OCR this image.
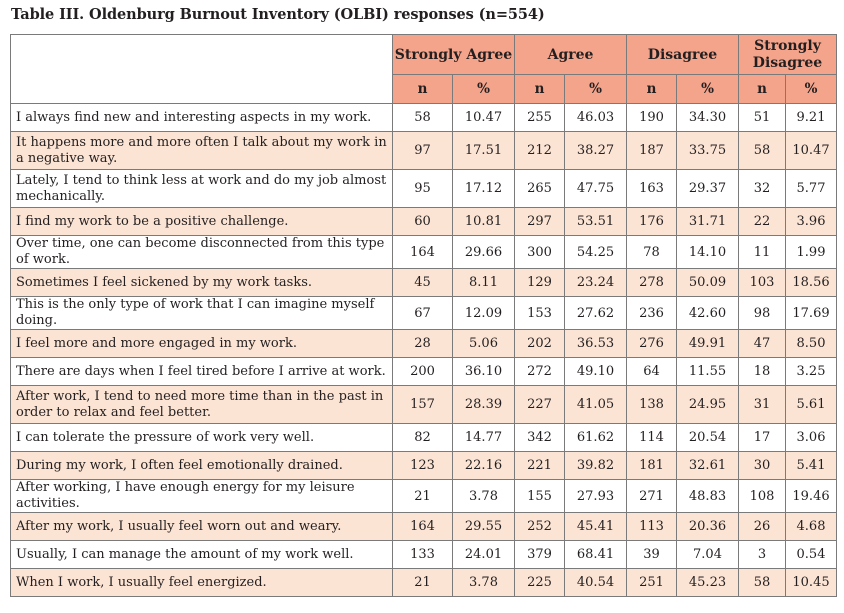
Table III. Oldenburg Burnout Inventory (OLBI) responses (n=554)
	Strongly Agree		Agree		Disagree		Strongly Disagree	
	n	%	n	%	n	%	n	%
I always find new and interesting aspects in my work.	58	10.47	255	46.03	190	34.30	51	9.21
It happens more and more often I talk about my work in a negative way.	97	17.51	212	38.27	187	33.75	58	10.47
Lately, I tend to think less at work and do my job almost mechanically.	95	17.12	265	47.75	163	29.37	32	5.77
I find my work to be a positive challenge.	60	10.81	297	53.51	176	31.71	22	3.96
Over time, one can become disconnected from this type of work.	164	29.66	300	54.25	78	14.10	11	1.99
Sometimes I feel sickened by my work tasks.	45	8.11	129	23.24	278	50.09	103	18.56
This is the only type of work that I can imagine myself doing.	67	12.09	153	27.62	236	42.60	98	17.69
I feel more and more engaged in my work.	28	5.06	202	36.53	276	49.91	47	8.50
There are days when I feel tired before I arrive at work.	200	36.10	272	49.10	64	11.55	18	3.25
After work, I tend to need more time than in the past in order to relax and feel better.	157	28.39	227	41.05	138	24.95	31	5.61
I can tolerate the pressure of work very well.	82	14.77	342	61.62	114	20.54	17	3.06
During my work, I often feel emotionally drained.	123	22.16	221	39.82	181	32.61	30	5.41
After working, I have enough energy for my leisure activities.	21	3.78	155	27.93	271	48.83	108	19.46
After my work, I usually feel worn out and weary.	164	29.55	252	45.41	113	20.36	26	4.68
Usually, I can manage the amount of my work well.	133	24.01	379	68.41	39	7.04	3	0.54
When I work, I usually feel energized.	21	3.78	225	40.54	251	45.23	58	10.45
